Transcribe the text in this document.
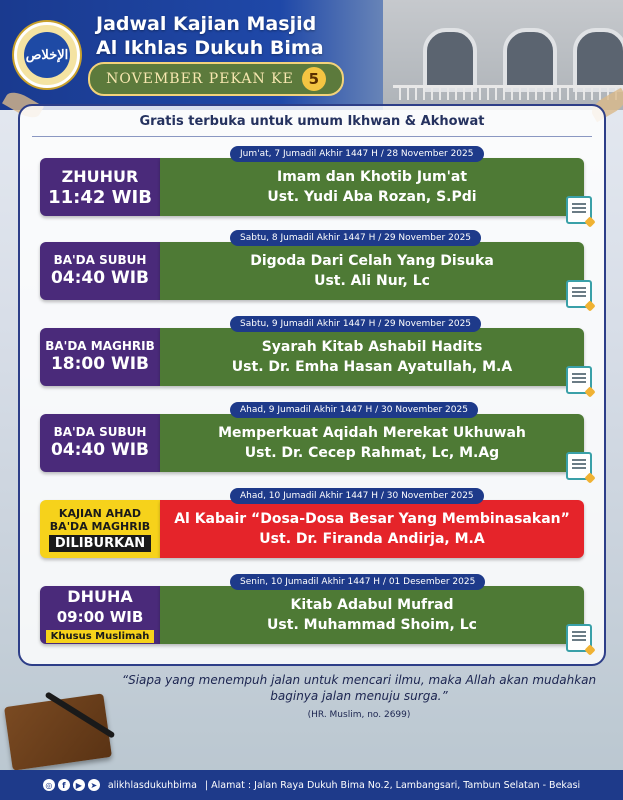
الإخلاص
Jadwal Kajian Masjid
Al Ikhlas Dukuh Bima
NOVEMBER PEKAN KE 5
Gratis terbuka untuk umum Ikhwan & Akhowat
Jum'at, 7 Jumadil Akhir 1447 H / 28 November 2025
ZHUHUR
11:42 WIB
Imam dan Khotib Jum'at
Ust. Yudi Aba Rozan, S.Pdi
Sabtu, 8 Jumadil Akhir 1447 H / 29 November 2025
BA'DA SUBUH
04:40 WIB
Digoda Dari Celah Yang Disuka
Ust. Ali Nur, Lc
Sabtu, 9 Jumadil Akhir 1447 H / 29 November 2025
BA'DA MAGHRIB
18:00 WIB
Syarah Kitab Ashabil Hadits
Ust. Dr. Emha Hasan Ayatullah, M.A
Ahad, 9 Jumadil Akhir 1447 H / 30 November 2025
BA'DA SUBUH
04:40 WIB
Memperkuat Aqidah Merekat Ukhuwah
Ust. Dr. Cecep Rahmat, Lc, M.Ag
Ahad, 10 Jumadil Akhir 1447 H / 30 November 2025
KAJIAN AHAD
BA'DA MAGHRIB
DILIBURKAN
Al Kabair “Dosa-Dosa Besar Yang Membinasakan”
Ust. Dr. Firanda Andirja, M.A
Senin, 10 Jumadil Akhir 1447 H / 01 Desember 2025
DHUHA
09:00 WIB
Khusus Muslimah
Kitab Adabul Mufrad
Ust. Muhammad Shoim, Lc
“Siapa yang menempuh jalan untuk mencari ilmu, maka Allah akan mudahkan baginya jalan menuju surga.”
(HR. Muslim, no. 2699)
◎	f	▶	➤ alikhlasdukuhbima | Alamat : Jalan Raya Dukuh Bima No.2, Lambangsari, Tambun Selatan - Bekasi
